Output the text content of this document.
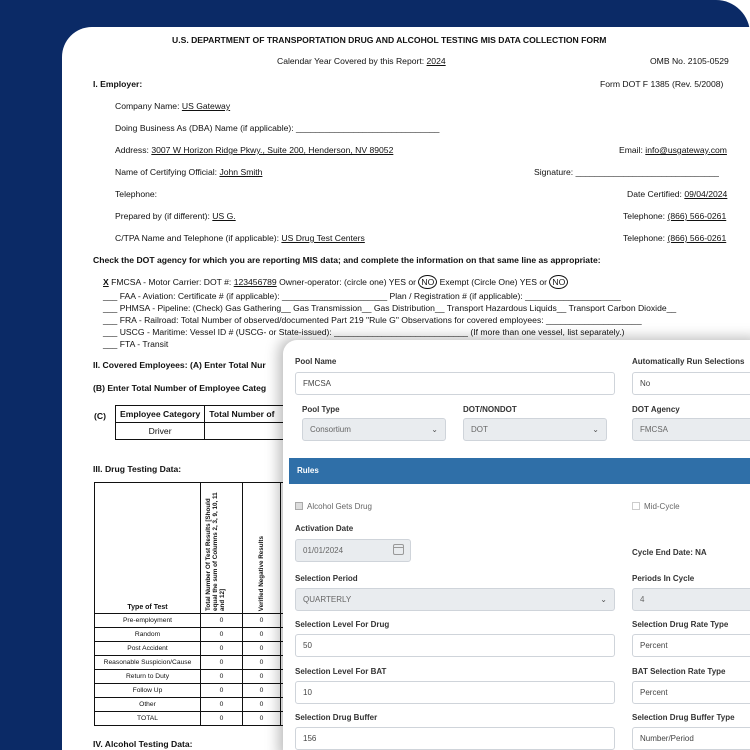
U.S. DEPARTMENT OF TRANSPORTATION DRUG AND ALCOHOL TESTING MIS DATA COLLECTION FORM
Calendar Year Covered by this Report: 2024	OMB No. 2105-0529
I. Employer:	Form DOT F 1385 (Rev. 5/2008)
Company Name: US Gateway
Doing Business As (DBA) Name (if applicable): ______________________________
Address: 3007 W Horizon Ridge Pkwy., Suite 200, Henderson, NV 89052	Email: info@usgateway.com
Name of Certifying Official: John Smith	Signature: ______________________________
Telephone:	Date Certified: 09/04/2024
Prepared by (if different): US G.	Telephone: (866) 566-0261
C/TPA Name and Telephone (if applicable): US Drug Test Centers	Telephone: (866) 566-0261
Check the DOT agency for which you are reporting MIS data; and complete the information on that same line as appropriate:
X FMCSA - Motor Carrier: DOT #: 123456789 Owner-operator: (circle one) YES or NO Exempt (Circle One) YES or NO
___ FAA - Aviation: Certificate # (if applicable): ______________________ Plan / Registration # (if applicable): ____________________
___ PHMSA - Pipeline: (Check) Gas Gathering__ Gas Transmission__ Gas Distribution__ Transport Hazardous Liquids__ Transport Carbon Dioxide__
___ FRA - Railroad: Total Number of observed/documented Part 219 "Rule G" Observations for covered employees: ____________________
___ USCG - Maritime: Vessel ID # (USCG- or State-issued): ____________________________ (If more than one vessel, list separately.)
___ FTA - Transit
II. Covered Employees: (A) Enter Total Nur
(B) Enter Total Number of Employee Categ
(C) Employee Category	Total Number of
Driver	
III. Drug Testing Data:
Type of Test	Total Number Of Test Results [Should equal the sum of Columns 2, 3, 9, 10, 11 and 12]	Verified Negative Results	
Pre-employment	0	0	
Random	0	0	
Post Accident	0	0	
Reasonable Suspicion/Cause	0	0	
Return to Duty	0	0	
Follow Up	0	0	
Other	0	0	
TOTAL	0	0	
IV. Alcohol Testing Data:
Pool Name
FMCSA
Automatically Run Selections
No
Pool Type
Consortium	⌄
DOT/NONDOT
DOT	⌄
DOT Agency
FMCSA
Rules
Alcohol Gets Drug	Mid-Cycle
Activation Date
01/01/2024	Cycle End Date: NA
Selection Period
QUARTERLY	⌄
Periods In Cycle
4
Selection Level For Drug
50
Selection Drug Rate Type
Percent
Selection Level For BAT
10
BAT Selection Rate Type
Percent
Selection Drug Buffer
156
Selection Drug Buffer Type
Number/Period
